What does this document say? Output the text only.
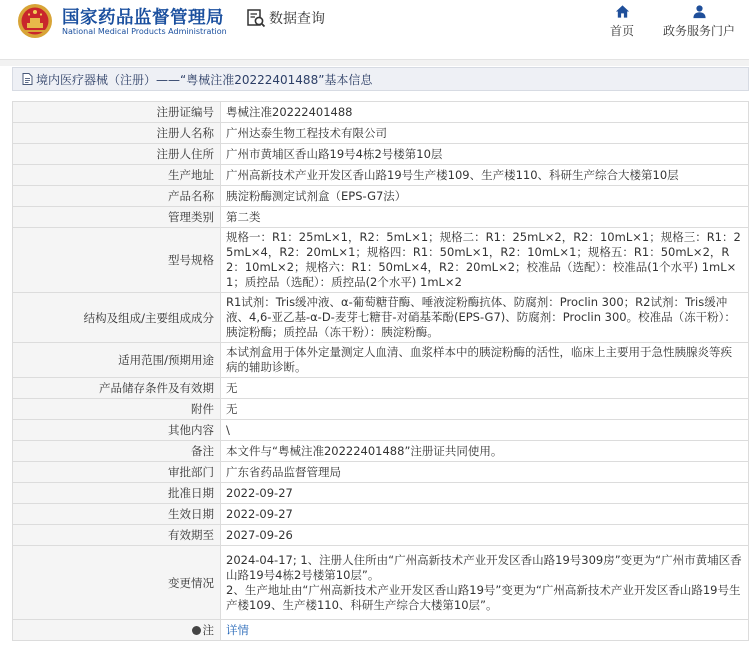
国家药品监督管理局
National Medical Products Administration
数据查询
首页 政务服务门户
境内医疗器械（注册）——“粤械注准20222401488”基本信息
注册证编号	粤械注准20222401488
注册人名称	广州达泰生物工程技术有限公司
注册人住所	广州市黄埔区香山路19号4栋2号楼第10层
生产地址	广州高新技术产业开发区香山路19号生产楼109、生产楼110、科研生产综合大楼第10层
产品名称	胰淀粉酶测定试剂盒（EPS-G7法）
管理类别	第二类
型号规格	规格一：R1：25mL×1，R2：5mL×1；规格二：R1：25mL×2，R2：10mL×1；规格三：R1：25mL×4，R2：20mL×1；规格四：R1：50mL×1，R2：10mL×1；规格五：R1：50mL×2，R2：10mL×2；规格六：R1：50mL×4，R2：20mL×2；校准品（选配）：校准品(1个水平) 1mL×1；质控品（选配）：质控品(2个水平) 1mL×2
结构及组成/主要组成成分	R1试剂：Tris缓冲液、α-葡萄糖苷酶、唾液淀粉酶抗体、防腐剂：Proclin 300；R2试剂：Tris缓冲液、4,6-亚乙基-α-D-麦芽七糖苷-对硝基苯酚(EPS-G7)、防腐剂：Proclin 300。校准品（冻干粉）：胰淀粉酶；质控品（冻干粉）：胰淀粉酶。
适用范围/预期用途	本试剂盒用于体外定量测定人血清、血浆样本中的胰淀粉酶的活性，临床上主要用于急性胰腺炎等疾病的辅助诊断。
产品储存条件及有效期	无
附件	无
其他内容	\
备注	本文件与“粤械注准20222401488”注册证共同使用。
审批部门	广东省药品监督管理局
批准日期	2022-09-27
生效日期	2022-09-27
有效期至	2027-09-26
变更情况	2024-04-17; 1、注册人住所由“广州高新技术产业开发区香山路19号309房”变更为“广州市黄埔区香山路19号4栋2号楼第10层”。
2、生产地址由“广州高新技术产业开发区香山路19号”变更为“广州高新技术产业开发区香山路19号生产楼109、生产楼110、科研生产综合大楼第10层”。
注	详情
